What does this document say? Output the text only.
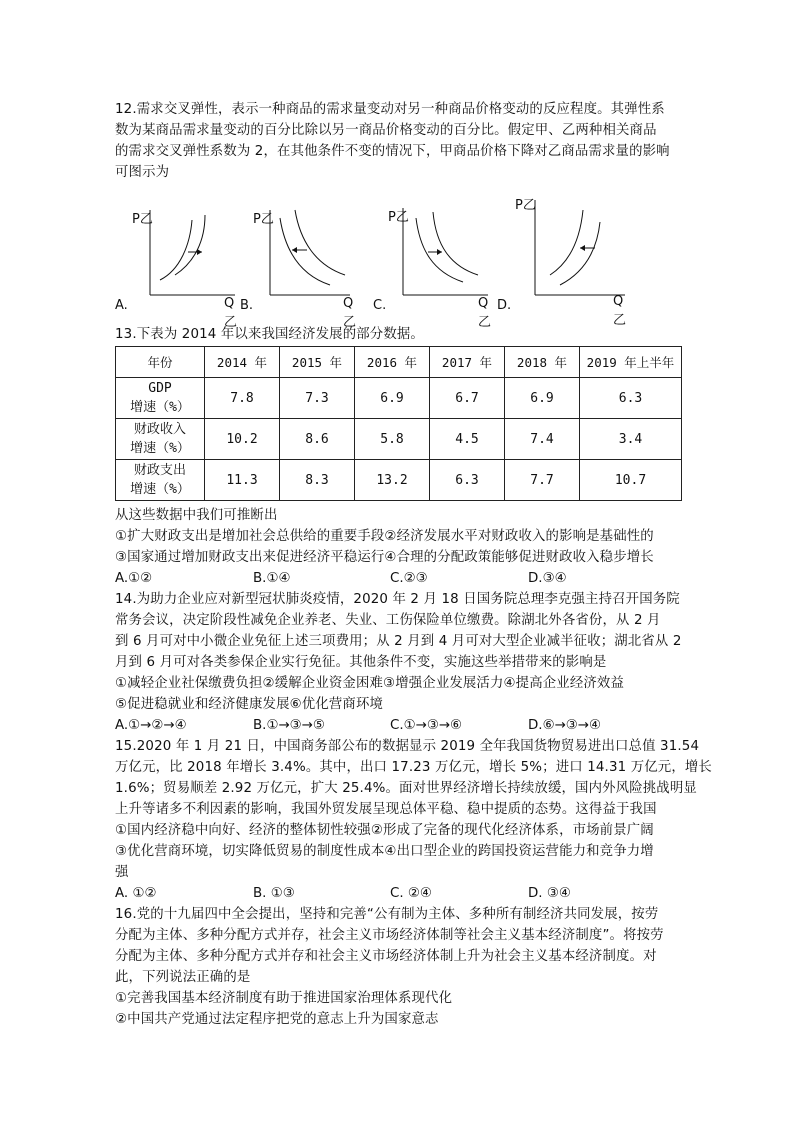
12.需求交叉弹性，表示一种商品的需求量变动对另一种商品价格变动的反应程度。其弹性系
数为某商品需求量变动的百分比除以另一商品价格变动的百分比。假定甲、乙两种相关商品
的需求交叉弹性系数为 2，在其他条件不变的情况下，甲商品价格下降对乙商品需求量的影响
可图示为
P乙
Q乙
A.
P乙
Q乙
B.
P乙
Q乙
C.
P乙
Q乙
D.
13.下表为 2014 年以来我国经济发展的部分数据。
年份	2014 年	2015 年	2016 年	2017 年	2018 年	2019 年上半年

GDP
增速（%）	7.8	7.3	6.9	6.7	6.9	6.3

财政收入
增速（%）	10.2	8.6	5.8	4.5	7.4	3.4

财政支出
增速（%）	11.3	8.3	13.2	6.3	7.7	10.7
从这些数据中我们可推断出
①扩大财政支出是增加社会总供给的重要手段②经济发展水平对财政收入的影响是基础性的
③国家通过增加财政支出来促进经济平稳运行④合理的分配政策能够促进财政收入稳步增长
A.①②	B.①④	C.②③	D.③④
14.为助力企业应对新型冠状肺炎疫情，2020 年 2 月 18 日国务院总理李克强主持召开国务院
常务会议，决定阶段性减免企业养老、失业、工伤保险单位缴费。除湖北外各省份，从 2 月
到 6 月可对中小微企业免征上述三项费用；从 2 月到 4 月可对大型企业减半征收；湖北省从 2
月到 6 月可对各类参保企业实行免征。其他条件不变，实施这些举措带来的影响是
①减轻企业社保缴费负担②缓解企业资金困难③增强企业发展活力④提高企业经济效益
⑤促进稳就业和经济健康发展⑥优化营商环境
A.①→②→④	B.①→③→⑤	C.①→③→⑥	D.⑥→③→④
15.2020 年 1 月 21 日，中国商务部公布的数据显示 2019 全年我国货物贸易进出口总值 31.54
万亿元，比 2018 年增长 3.4%。其中，出口 17.23 万亿元，增长 5%；进口 14.31 万亿元，增长
1.6%；贸易顺差 2.92 万亿元，扩大 25.4%。面对世界经济增长持续放缓，国内外风险挑战明显
上升等诸多不利因素的影响，我国外贸发展呈现总体平稳、稳中提质的态势。这得益于我国
①国内经济稳中向好、经济的整体韧性较强②形成了完备的现代化经济体系，市场前景广阔
③优化营商环境，切实降低贸易的制度性成本④出口型企业的跨国投资运营能力和竞争力增
强
A. ①②	B. ①③	C. ②④	D. ③④
16.党的十九届四中全会提出，坚持和完善“公有制为主体、多种所有制经济共同发展，按劳
分配为主体、多种分配方式并存，社会主义市场经济体制等社会主义基本经济制度”。将按劳
分配为主体、多种分配方式并存和社会主义市场经济体制上升为社会主义基本经济制度。对
此，下列说法正确的是
①完善我国基本经济制度有助于推进国家治理体系现代化
②中国共产党通过法定程序把党的意志上升为国家意志
